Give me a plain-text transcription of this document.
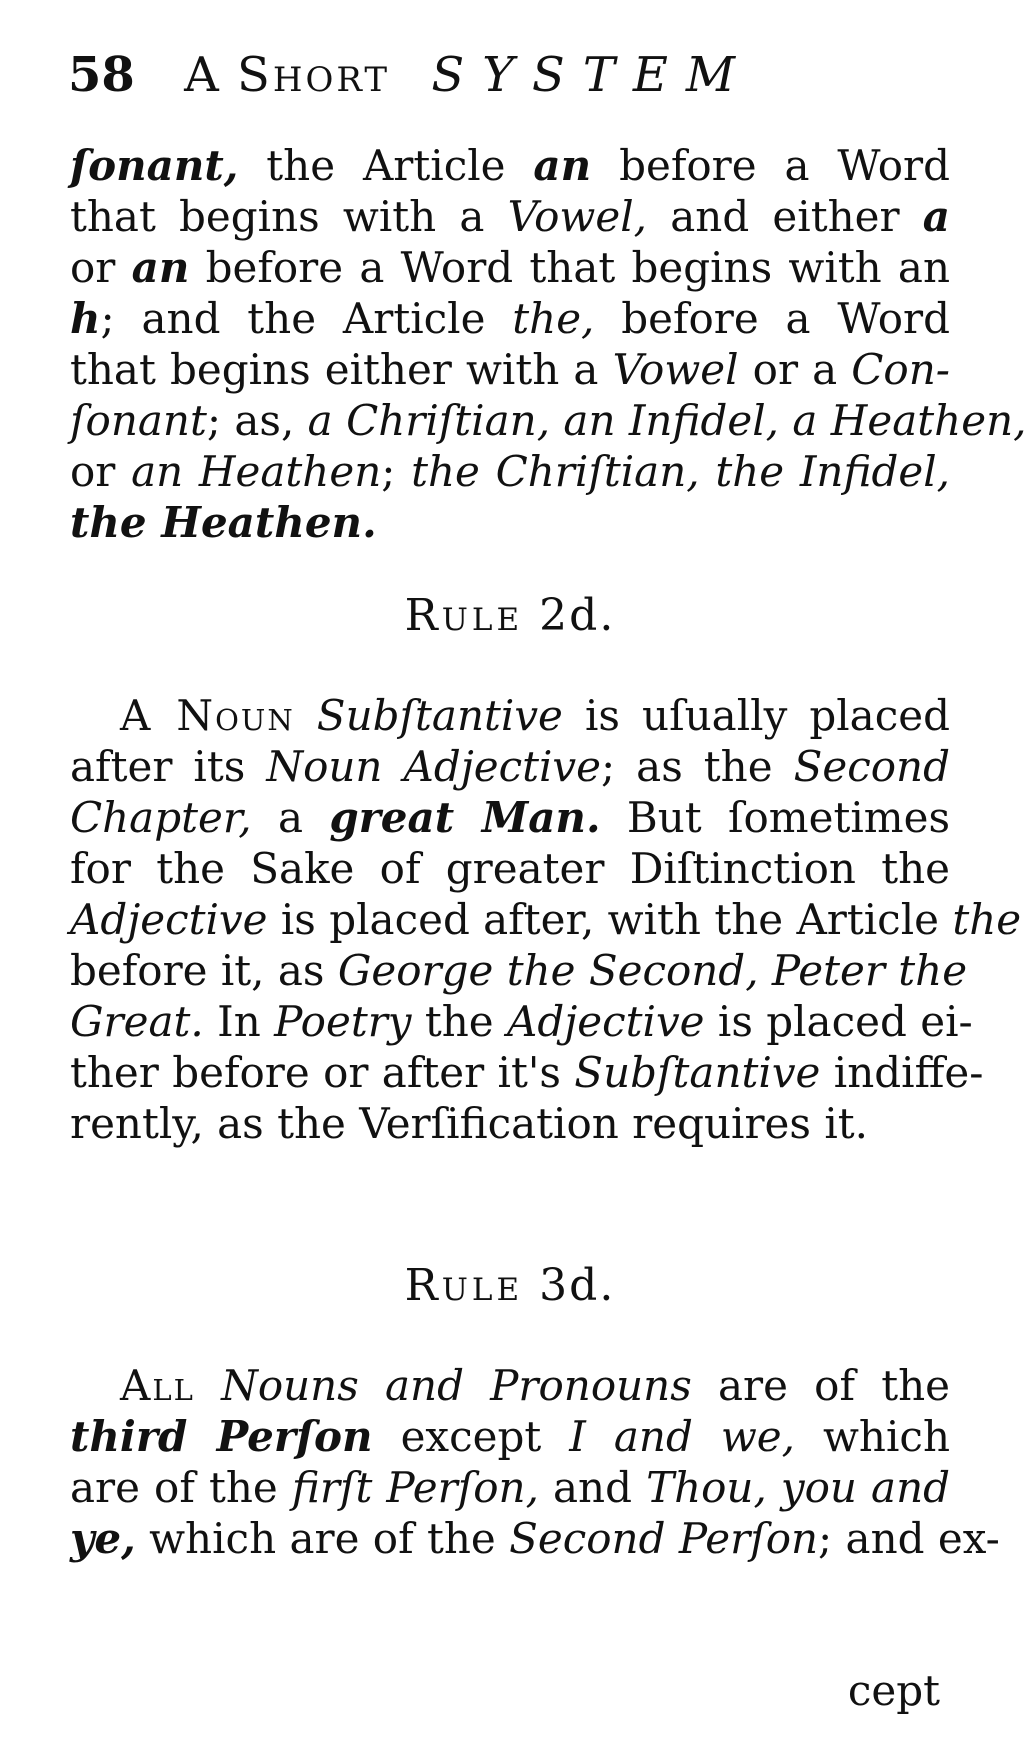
58 A Short SYSTEM
ſonant, the Article an before a Word
that begins with a Vowel, and either a
or an before a Word that begins with an
h; and the Article the, before a Word
that begins either with a Vowel or a Con-
ſonant; as, a Chriſtian, an Infidel, a Heathen,
or an Heathen; the Chriſtian, the Infidel,
the Heathen.
Rule 2d.
A Noun Subſtantive is uſually placed
after its Noun Adjective; as the Second
Chapter, a great Man. But ſometimes
for the Sake of greater Diſtinction the
Adjective is placed after, with the Article the
before it, as George the Second, Peter the
Great. In Poetry the Adjective is placed ei-
ther before or after it's Subſtantive indiffe-
rently, as the Verſification requires it.
Rule 3d.
All Nouns and Pronouns are of the
third Perſon except I and we, which
are of the firſt Perſon, and Thou, you and
ye, which are of the Second Perſon; and ex-
cept
